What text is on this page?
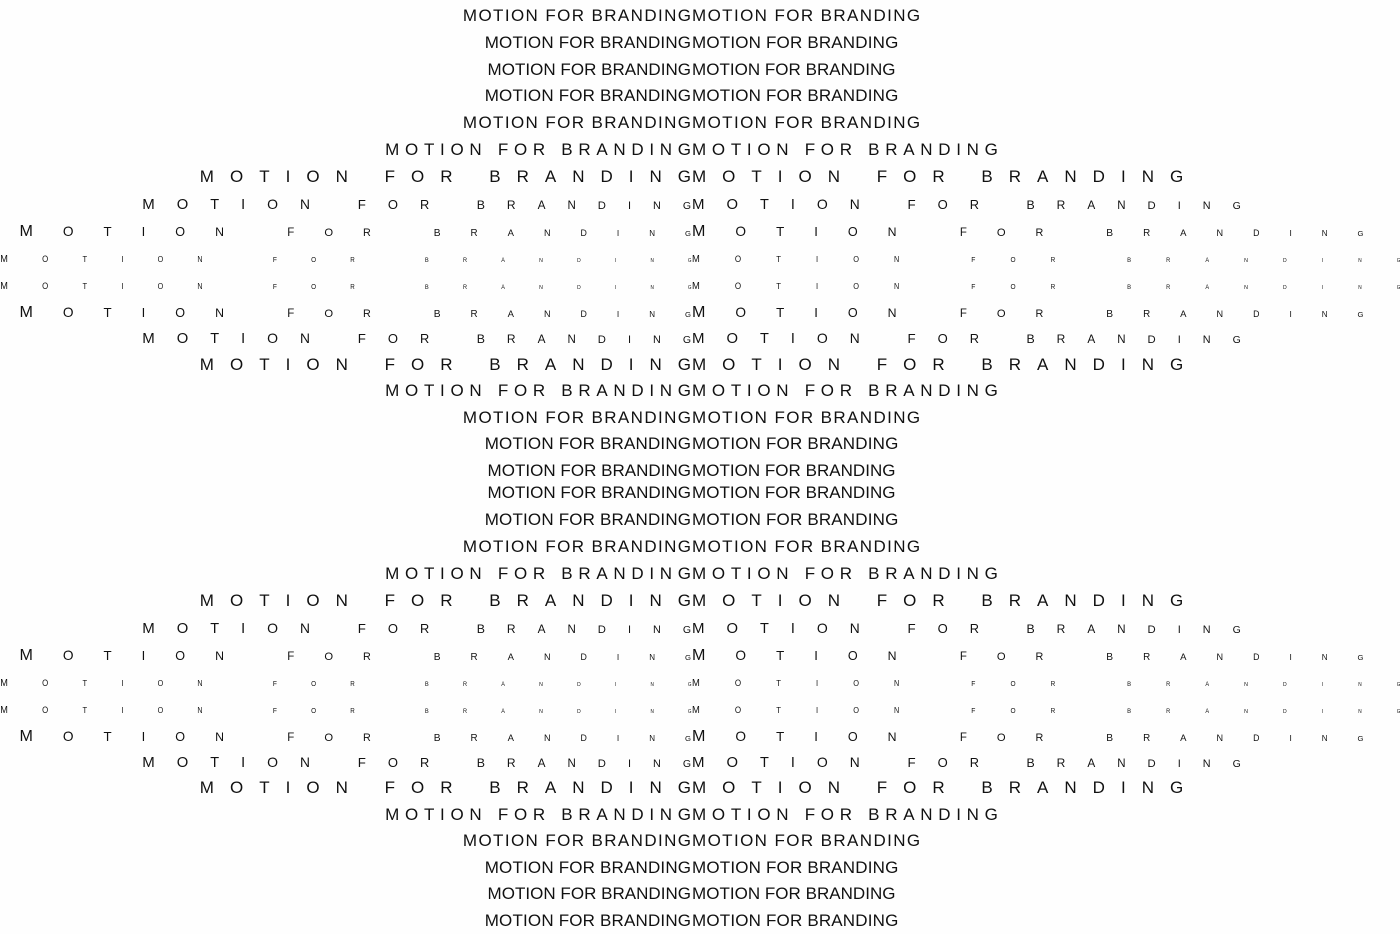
MOTION FOR BRANDING MOTION FOR BRANDING
MOTION FOR BRANDING MOTION FOR BRANDING
MOTION FOR BRANDING MOTION FOR BRANDING
MOTION FOR BRANDING MOTION FOR BRANDING
MOTION FOR BRANDING MOTION FOR BRANDING
MOTION FOR BRANDING MOTION FOR BRANDING
MOTION FOR BRANDING MOTION FOR BRANDING
MOTION FOR BRANDING MOTION FOR BRANDING
MOTION	FOR	BRANDING MOTION	FOR	BRANDING
MOTION	FOR	BRANDING MOTION	FOR	BRANDING
MOTION	FOR	BRANDING MOTION	FOR	BRANDING
MOTION	FOR	BRANDING MOTION	FOR	BRANDING
MOTION FOR BRANDING MOTION FOR BRANDING
MOTION FOR BRANDING MOTION FOR BRANDING
MOTION FOR BRANDING MOTION FOR BRANDING
MOTION FOR BRANDING MOTION FOR BRANDING
MOTION FOR BRANDING MOTION FOR BRANDING
MOTION FOR BRANDING MOTION FOR BRANDING
MOTION FOR BRANDING MOTION FOR BRANDING
MOTION FOR BRANDING MOTION FOR BRANDING
MOTION FOR BRANDING MOTION FOR BRANDING
MOTION FOR BRANDING MOTION FOR BRANDING
MOTION FOR BRANDING MOTION FOR BRANDING
MOTION FOR BRANDING MOTION FOR BRANDING
MOTION	FOR	BRANDING MOTION	FOR	BRANDING
MOTION	FOR	BRANDING MOTION	FOR	BRANDING
MOTION	FOR	BRANDING MOTION	FOR	BRANDING
MOTION	FOR	BRANDING MOTION	FOR	BRANDING
MOTION FOR BRANDING MOTION FOR BRANDING
MOTION FOR BRANDING MOTION FOR BRANDING
MOTION FOR BRANDING MOTION FOR BRANDING
MOTION FOR BRANDING MOTION FOR BRANDING
MOTION FOR BRANDING MOTION FOR BRANDING
MOTION FOR BRANDING MOTION FOR BRANDING
MOTION FOR BRANDING MOTION FOR BRANDING
